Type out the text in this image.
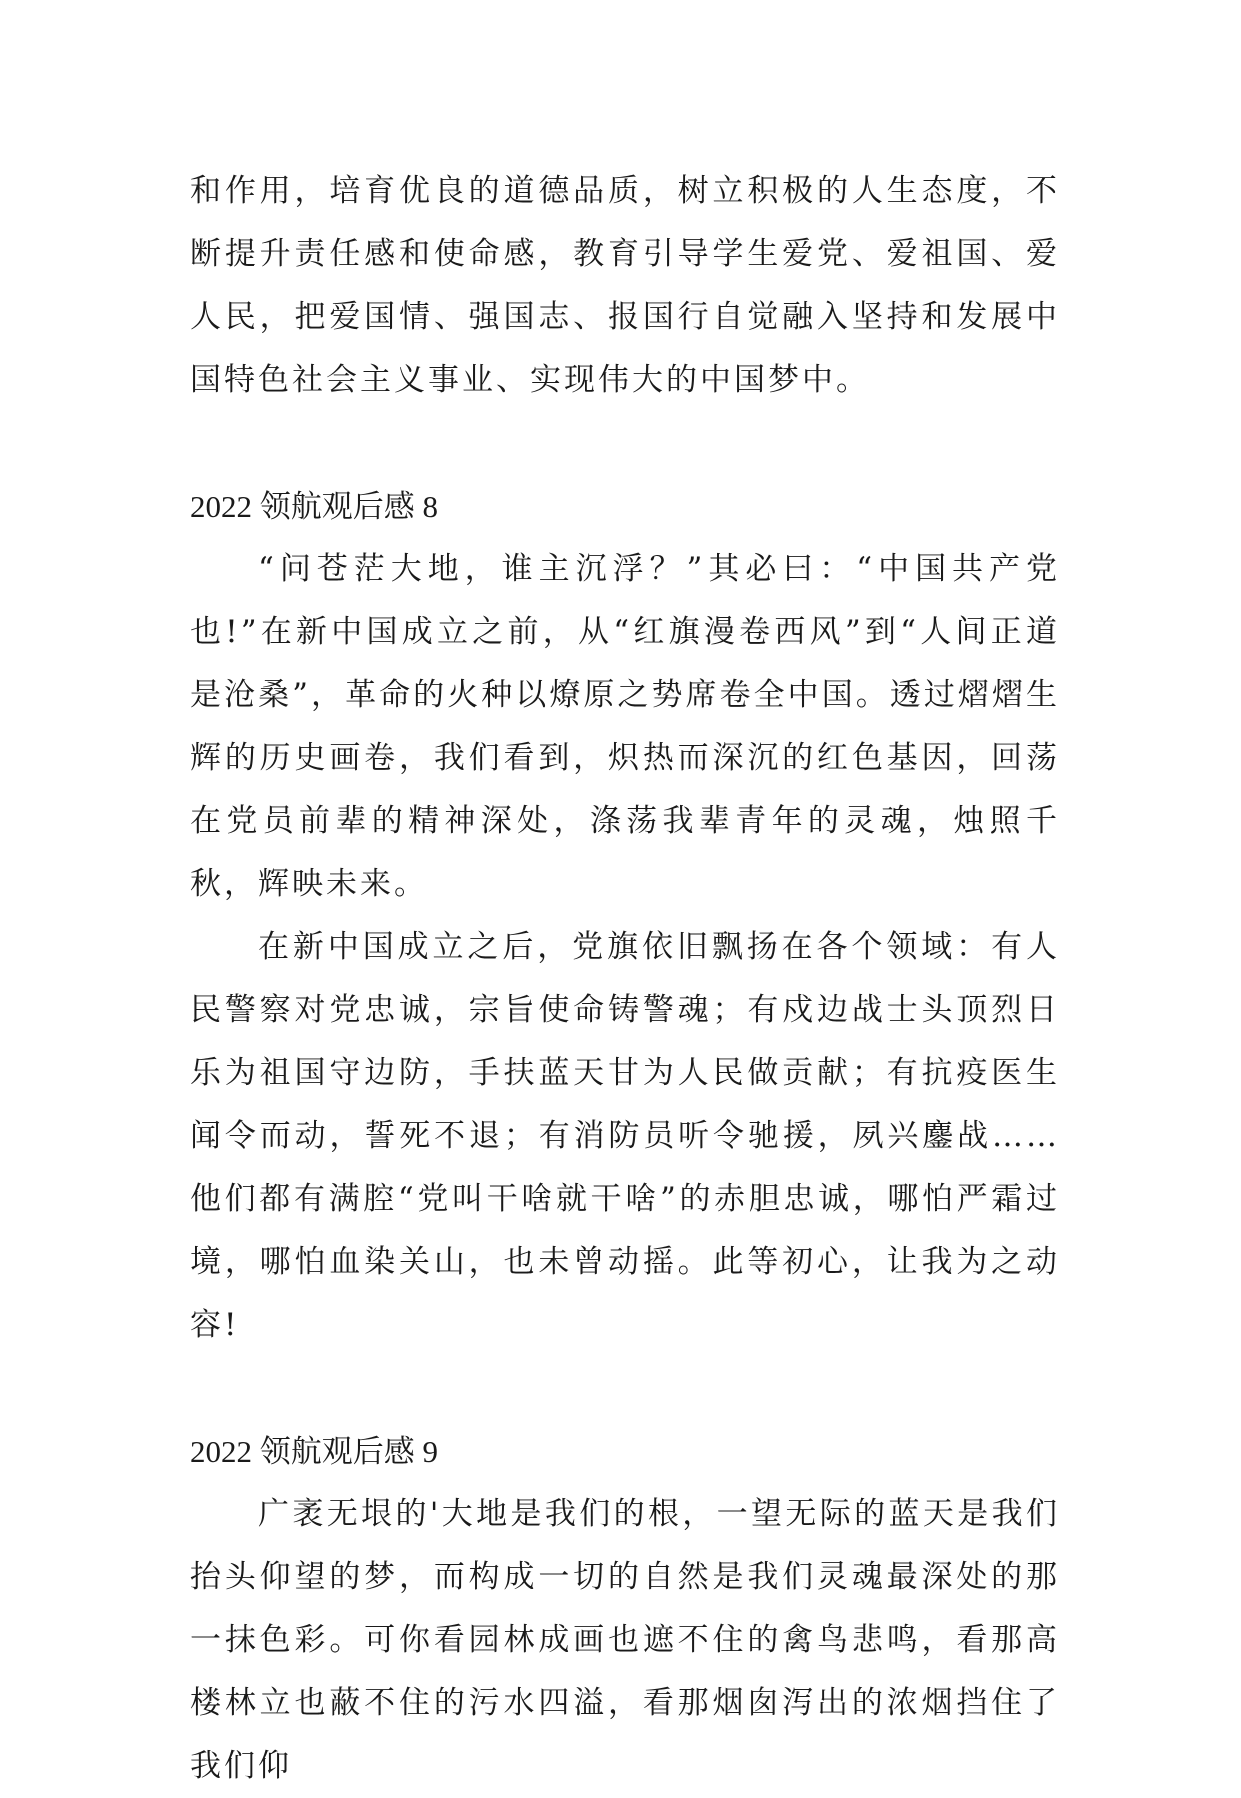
和作用，培育优良的道德品质，树立积极的人生态度，不断提升责任感和使命感，教育引导学生爱党、爱祖国、爱人民，把爱国情、强国志、报国行自觉融入坚持和发展中国特色社会主义事业、实现伟大的中国梦中。

2022 领航观后感 8

“问苍茫大地，谁主沉浮？”其必曰：“中国共产党也!”在新中国成立之前，从“红旗漫卷西风”到“人间正道是沧桑”，革命的火种以燎原之势席卷全中国。透过熠熠生辉的历史画卷，我们看到，炽热而深沉的红色基因，回荡在党员前辈的精神深处，涤荡我辈青年的灵魂，烛照千秋，辉映未来。

在新中国成立之后，党旗依旧飘扬在各个领域：有人民警察对党忠诚，宗旨使命铸警魂；有戍边战士头顶烈日乐为祖国守边防，手扶蓝天甘为人民做贡献；有抗疫医生闻令而动，誓死不退；有消防员听令驰援，夙兴鏖战……他们都有满腔“党叫干啥就干啥”的赤胆忠诚，哪怕严霜过境，哪怕血染关山，也未曾动摇。此等初心，让我为之动容!

2022 领航观后感 9

广袤无垠的'大地是我们的根，一望无际的蓝天是我们抬头仰望的梦，而构成一切的自然是我们灵魂最深处的那一抹色彩。可你看园林成画也遮不住的禽鸟悲鸣，看那高楼林立也蔽不住的污水四溢，看那烟囱泻出的浓烟挡住了我们仰
